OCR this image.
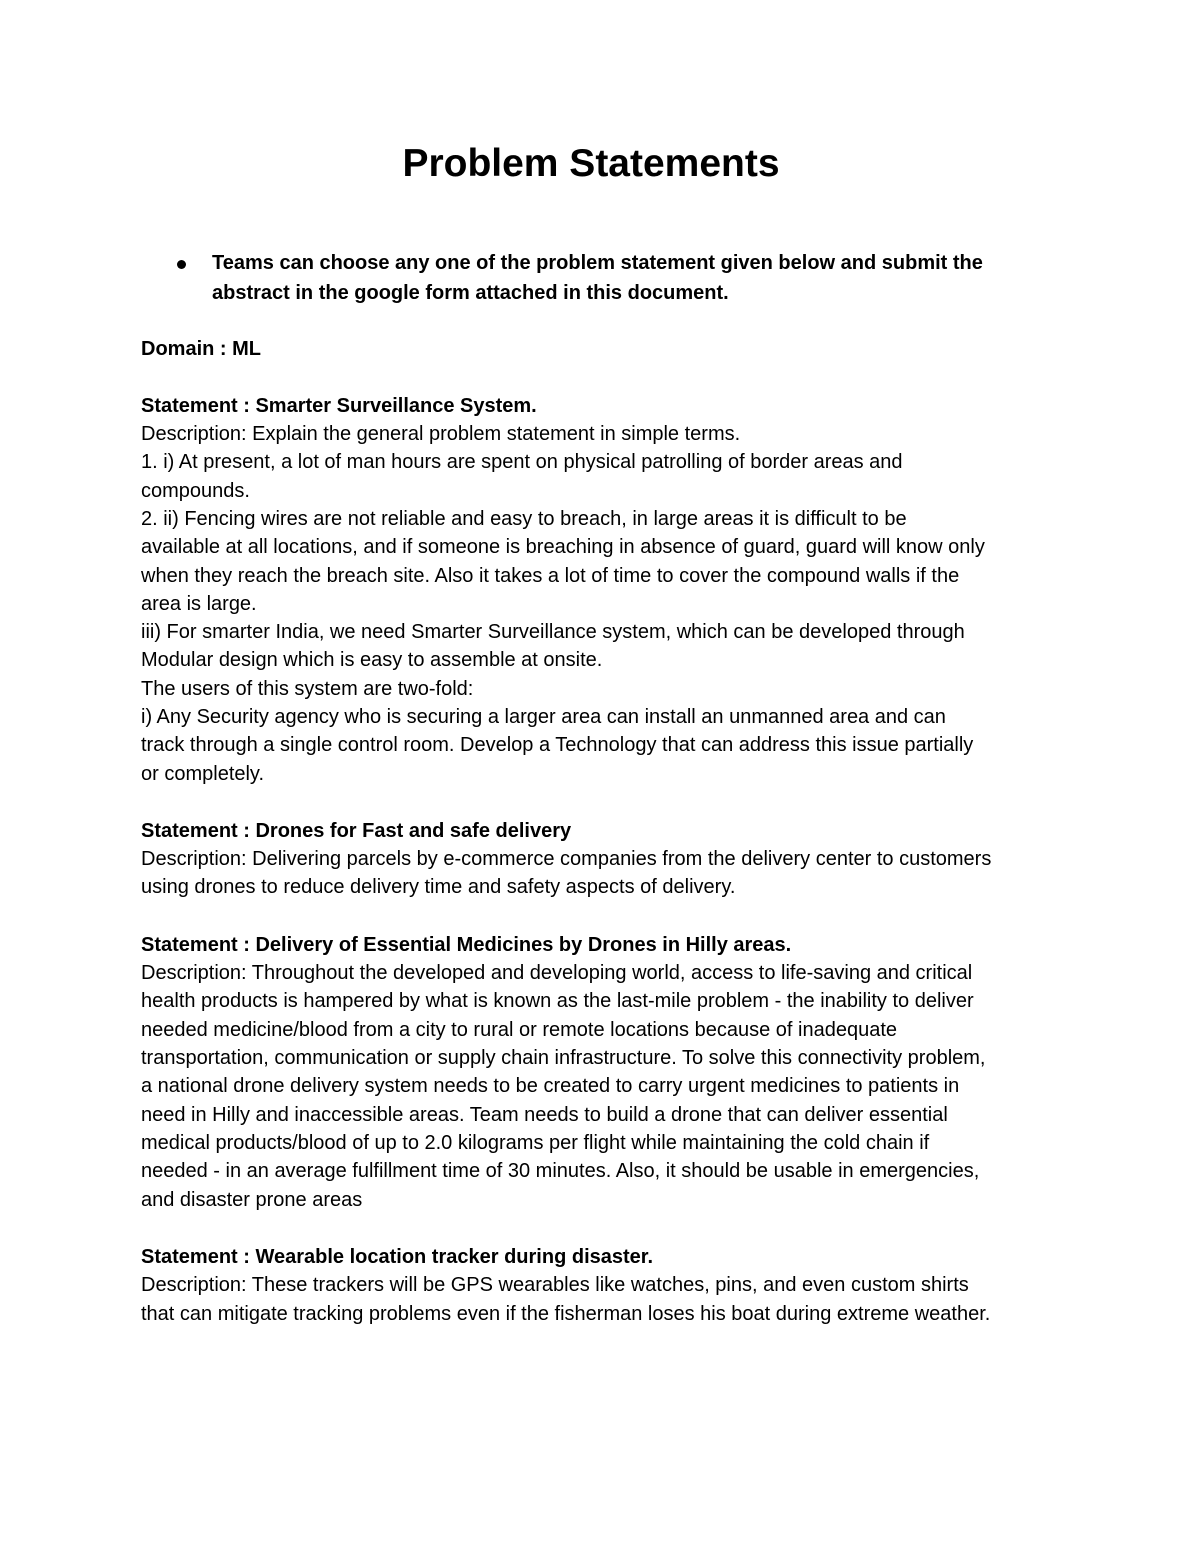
Problem Statements

Teams can choose any one of the problem statement given below and submit the

abstract in the google form attached in this document.

Domain : ML

Statement : Smarter Surveillance System.

Description: Explain the general problem statement in simple terms.

1. i) At present, a lot of man hours are spent on physical patrolling of border areas and

compounds.

2. ii) Fencing wires are not reliable and easy to breach, in large areas it is difficult to be

available at all locations, and if someone is breaching in absence of guard, guard will know only

when they reach the breach site. Also it takes a lot of time to cover the compound walls if the

area is large.

iii) For smarter India, we need Smarter Surveillance system, which can be developed through

Modular design which is easy to assemble at onsite.

The users of this system are two-fold:

i) Any Security agency who is securing a larger area can install an unmanned area and can

track through a single control room. Develop a Technology that can address this issue partially

or completely.

Statement : Drones for Fast and safe delivery

Description: Delivering parcels by e-commerce companies from the delivery center to customers

using drones to reduce delivery time and safety aspects of delivery.

Statement : Delivery of Essential Medicines by Drones in Hilly areas.

Description: Throughout the developed and developing world, access to life-saving and critical

health products is hampered by what is known as the last-mile problem - the inability to deliver

needed medicine/blood from a city to rural or remote locations because of inadequate

transportation, communication or supply chain infrastructure. To solve this connectivity problem,

a national drone delivery system needs to be created to carry urgent medicines to patients in

need in Hilly and inaccessible areas. Team needs to build a drone that can deliver essential

medical products/blood of up to 2.0 kilograms per flight while maintaining the cold chain if

needed - in an average fulfillment time of 30 minutes. Also, it should be usable in emergencies,

and disaster prone areas

Statement : Wearable location tracker during disaster.

Description: These trackers will be GPS wearables like watches, pins, and even custom shirts

that can mitigate tracking problems even if the fisherman loses his boat during extreme weather.
